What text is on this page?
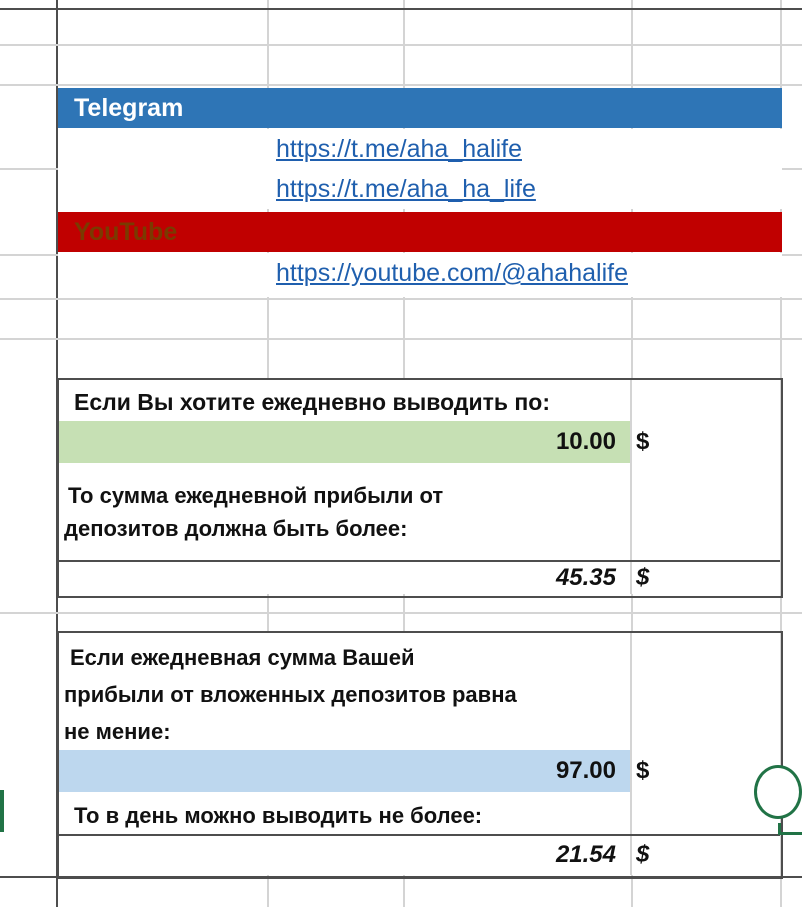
Telegram
https://t.me/aha_halife
https://t.me/aha_ha_life
YouTube
https://youtube.com/@ahahalife
Если Вы хотите ежедневно выводить по:
10.00 $
То сумма ежедневной прибыли от
депозитов должна быть более:
45.35 $
Если ежедневная сумма Вашей
прибыли от вложенных депозитов равна
не мение:
97.00 $
То в день можно выводить не более:
21.54 $
